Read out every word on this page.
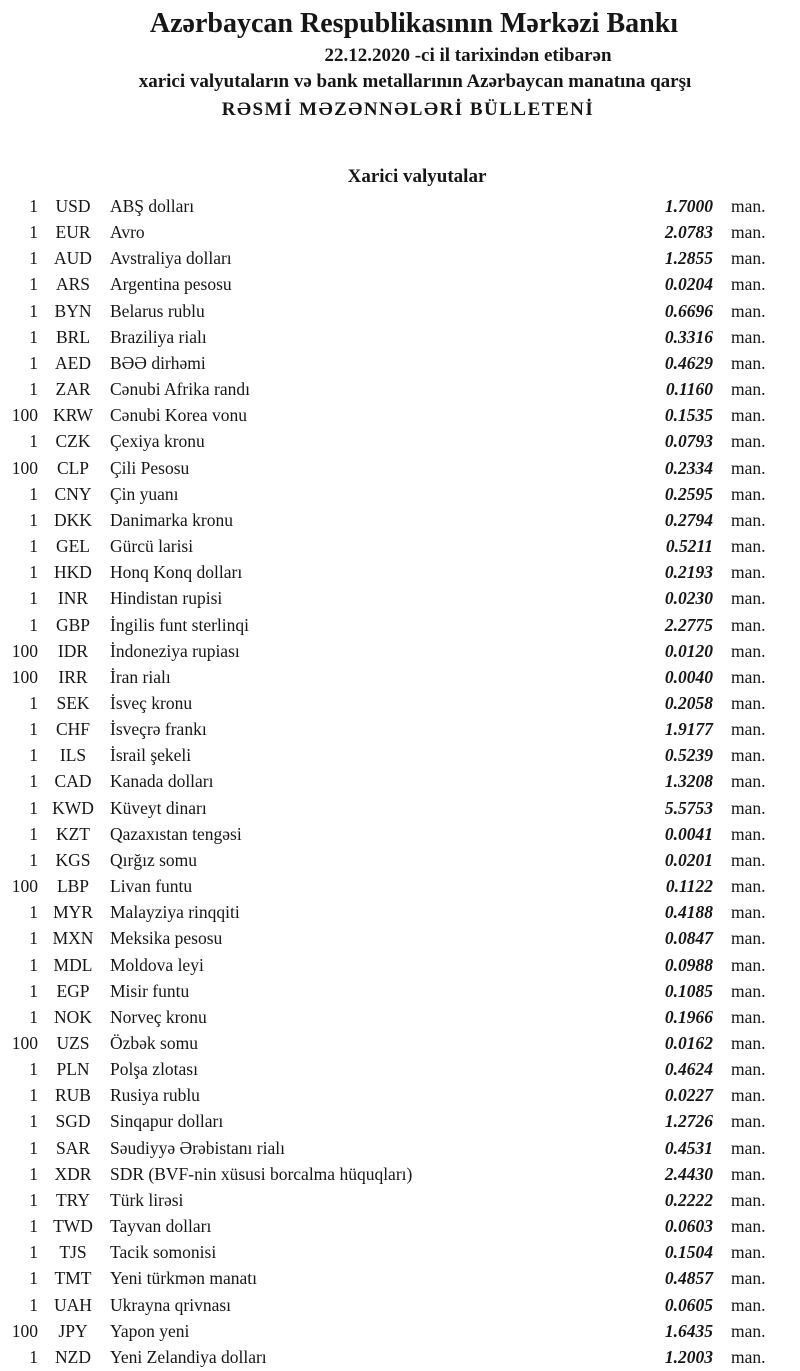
Azərbaycan Respublikasının Mərkəzi Bankı
22.12.2020 -ci il tarixindən etibarən
xarici valyutaların və bank metallarının Azərbaycan manatına qarşı
RƏSMİ MƏZƏNNƏLƏRİ BÜLLETENİ
Xarici valyutalar
1 USD	ABŞ dolları	1.7000	man.
1	EUR	Avro	2.0783	man.
1 AUD	Avstraliya dolları	1.2855	man.
1	ARS	Argentina pesosu	0.0204	man.
1 BYN	Belarus rublu	0.6696	man.
1	BRL	Braziliya rialı	0.3316	man.
1 AED	BƏƏ dirhəmi	0.4629	man.
1	ZAR	Cənubi Afrika randı	0.1160	man.
100 KRW Cənubi Korea vonu	0.1535	man.
1	CZK	Çexiya kronu	0.0793	man.
100	CLP	Çili Pesosu	0.2334	man.
1 CNY	Çin yuanı	0.2595	man.
1 DKK	Danimarka kronu	0.2794	man.
1	GEL	Gürcü larisi	0.5211	man.
1 HKD	Honq Konq dolları	0.2193	man.
1	INR	Hindistan rupisi	0.0230	man.
1	GBP	İngilis funt sterlinqi	2.2775	man.
100	IDR	İndoneziya rupiası	0.0120	man.
100	IRR	İran rialı	0.0040	man.
1	SEK	İsveç kronu	0.2058	man.
1	CHF	İsveçrə frankı	1.9177	man.
1	ILS	İsrail şekeli	0.5239	man.
1 CAD	Kanada dolları	1.3208	man.
1 KWD Küveyt dinarı	5.5753	man.
1	KZT	Qazaxıstan tengəsi	0.0041	man.
1 KGS	Qırğız somu	0.0201	man.
100	LBP	Livan funtu	0.1122	man.
1 MYR Malayziya rinqqiti	0.4188	man.
1 MXN Meksika pesosu	0.0847	man.
1 MDL	Moldova leyi	0.0988	man.
1	EGP	Misir funtu	0.1085	man.
1 NOK	Norveç kronu	0.1966	man.
100	UZS	Özbək somu	0.0162	man.
1	PLN	Polşa zlotası	0.4624	man.
1 RUB	Rusiya rublu	0.0227	man.
1 SGD	Sinqapur dolları	1.2726	man.
1	SAR	Səudiyyə Ərəbistanı rialı	0.4531	man.
1 XDR	SDR (BVF-nin xüsusi borcalma hüquqları)	2.4430	man.
1	TRY	Türk lirəsi	0.2222	man.
1 TWD Tayvan dolları	0.0603	man.
1	TJS	Tacik somonisi	0.1504	man.
1 TMT	Yeni türkmən manatı	0.4857	man.
1 UAH	Ukrayna qrivnası	0.0605	man.
100	JPY	Yapon yeni	1.6435	man.
1 NZD	Yeni Zelandiya dolları	1.2003	man.
